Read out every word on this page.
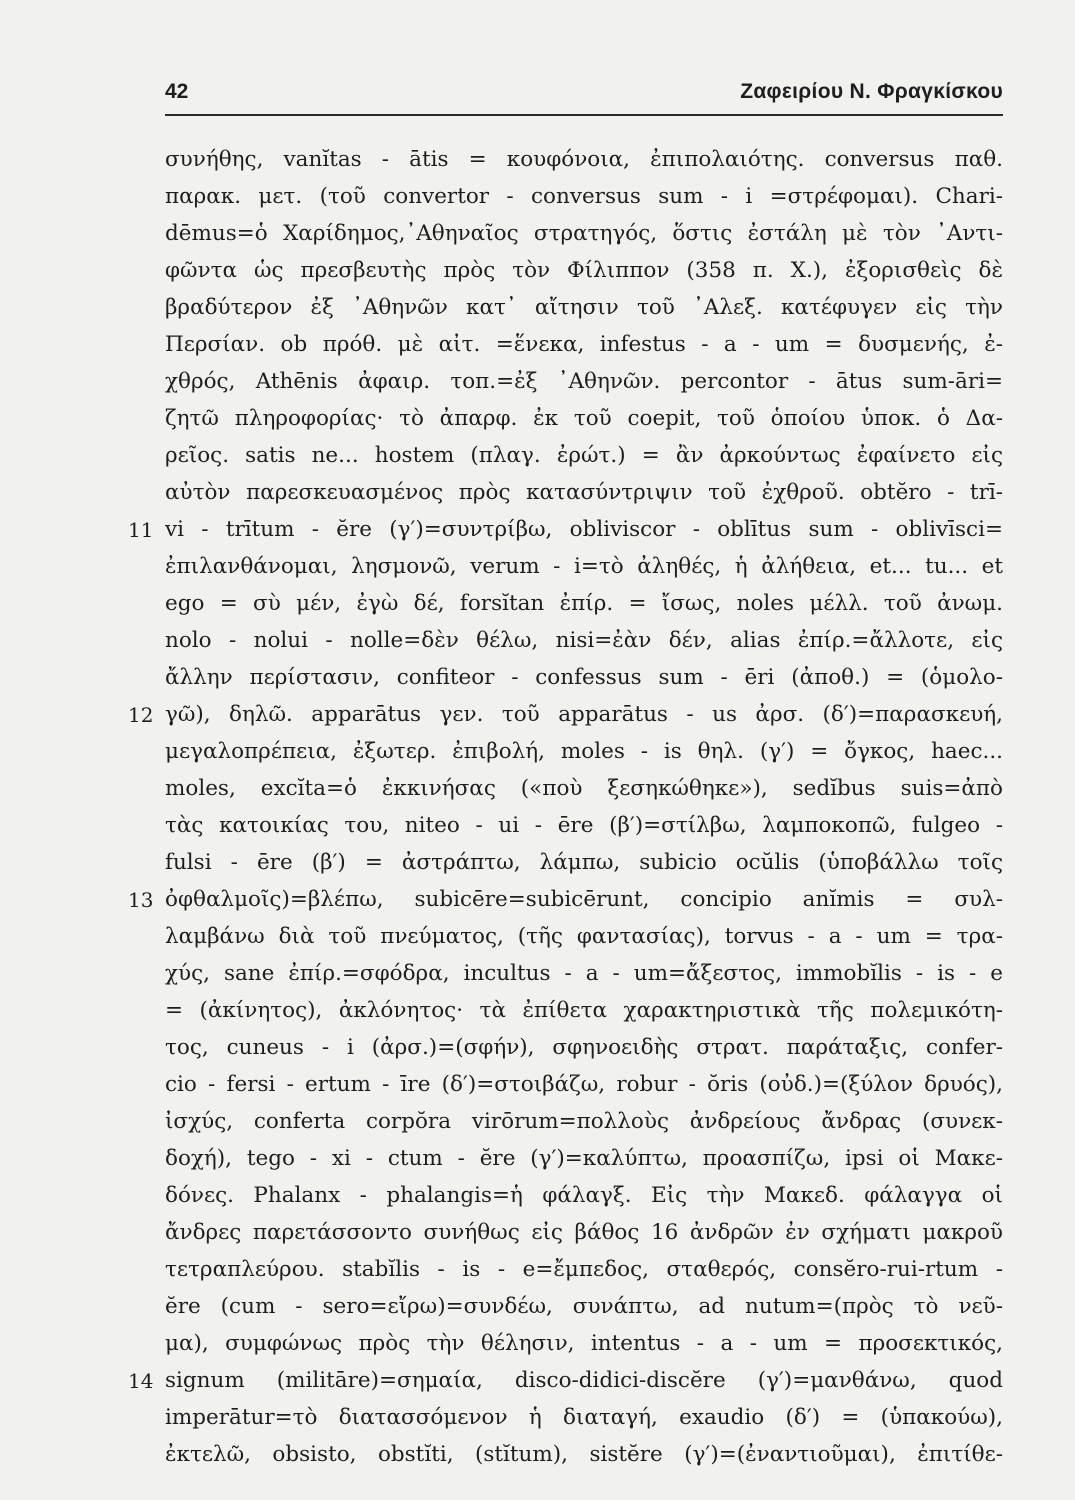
42	Ζαφειρίου Ν. Φραγκίσκου
συνήθης, vanĭtas - ātis = κουφόνοια, ἐπιπολαιότης. conversus παθ.
παρακ. μετ. (τοῦ convertor - conversus sum - i =στρέφομαι). Chari-
dēmus=ὁ Χαρίδημος,᾿Αθηναῖος στρατηγός, ὅστις ἐστάλη μὲ τὸν ᾿Αντι-
φῶντα ὡς πρεσβευτὴς πρὸς τὸν Φίλιππον (358 π. Χ.), ἐξορισθεὶς δὲ
βραδύτερον ἐξ ᾿Αθηνῶν κατ᾿ αἴτησιν τοῦ ᾿Αλεξ. κατέφυγεν εἰς τὴν
Περσίαν. ob πρόθ. μὲ αἰτ. =ἕνεκα, infestus - a - um = δυσμενής, ἐ-
χθρός, Athēnis ἀφαιρ. τοπ.=ἐξ ᾿Αθηνῶν. percontor - ātus sum-āri=
ζητῶ πληροφορίας· τὸ ἀπαρφ. ἐκ τοῦ coepit, τοῦ ὁποίου ὑποκ. ὁ Δα-
ρεῖος. satis ne... hostem (πλαγ. ἐρώτ.) = ἂν ἀρκούντως ἐφαίνετο εἰς
αὐτὸν παρεσκευασμένος πρὸς κατασύντριψιν τοῦ ἐχθροῦ. obtĕro - trī-
vi - trītum - ĕre (γ′)=συντρίβω, obliviscor - oblītus sum - oblivīsci=
ἐπιλανθάνομαι, λησμονῶ, verum - i=τὸ ἀληθές, ἡ ἀλήθεια, et... tu... et
ego = σὺ μέν, ἐγὼ δέ, forsĭtan ἐπίρ. = ἴσως, noles μέλλ. τοῦ ἀνωμ.
nolo - nolui - nolle=δὲν θέλω, nisi=ἐὰν δέν, alias ἐπίρ.=ἄλλοτε, εἰς
ἄλλην περίστασιν, confiteor - confessus sum - ēri (ἀποθ.) = (ὁμολο-
γῶ), δηλῶ. apparātus γεν. τοῦ apparātus - us ἀρσ. (δ′)=παρασκευή,
μεγαλοπρέπεια, ἐξωτερ. ἐπιβολή, moles - is θηλ. (γ′) = ὄγκος, haec...
moles, excĭta=ὁ ἐκκινήσας («ποὺ ξεσηκώθηκε»), sedĭbus suis=ἀπὸ
τὰς κατοικίας του, niteo - ui - ēre (β′)=στίλβω, λαμποκοπῶ, fulgeo -
fulsi - ēre (β′) = ἀστράπτω, λάμπω, subicio ocŭlis (ὑποβάλλω τοῖς
ὀφθαλμοῖς)=βλέπω, subicēre=subicērunt, concipio anĭmis = συλ-
λαμβάνω διὰ τοῦ πνεύματος, (τῆς φαντασίας), torvus - a - um = τρα-
χύς, sane ἐπίρ.=σφόδρα, incultus - a - um=ἄξεστος, immobĭlis - is - e
= (ἀκίνητος), ἀκλόνητος· τὰ ἐπίθετα χαρακτηριστικὰ τῆς πολεμικότη-
τος, cuneus - i (ἀρσ.)=(σφήν), σφηνοειδὴς στρατ. παράταξις, confer-
cio - fersi - ertum - īre (δ′)=στοιβάζω, robur - ŏris (οὐδ.)=(ξύλον δρυός),
ἰσχύς, conferta corpŏra virōrum=πολλοὺς ἀνδρείους ἄνδρας (συνεκ-
δοχή), tego - xi - ctum - ĕre (γ′)=καλύπτω, προασπίζω, ipsi οἱ Μακε-
δόνες. Phalanx - phalangis=ἡ φάλαγξ. Εἰς τὴν Μακεδ. φάλαγγα οἱ
ἄνδρες παρετάσσοντο συνήθως εἰς βάθος 16 ἀνδρῶν ἐν σχήματι μακροῦ
τετραπλεύρου. stabĭlis - is - e=ἔμπεδος, σταθερός, consĕro-rui-rtum -
ĕre (cum - sero=εἴρω)=συνδέω, συνάπτω, ad nutum=(πρὸς τὸ νεῦ-
μα), συμφώνως πρὸς τὴν θέλησιν, intentus - a - um = προσεκτικός,
signum (militāre)=σημαία, disco-didici-discĕre (γ′)=μανθάνω, quod
imperātur=τὸ διατασσόμενον ἡ διαταγή, exaudio (δ′) = (ὑπακούω),
ἐκτελῶ, obsisto, obstĭti, (stĭtum), sistĕre (γ′)=(ἐναντιοῦμαι), ἐπιτίθε-
11
12
13
14
